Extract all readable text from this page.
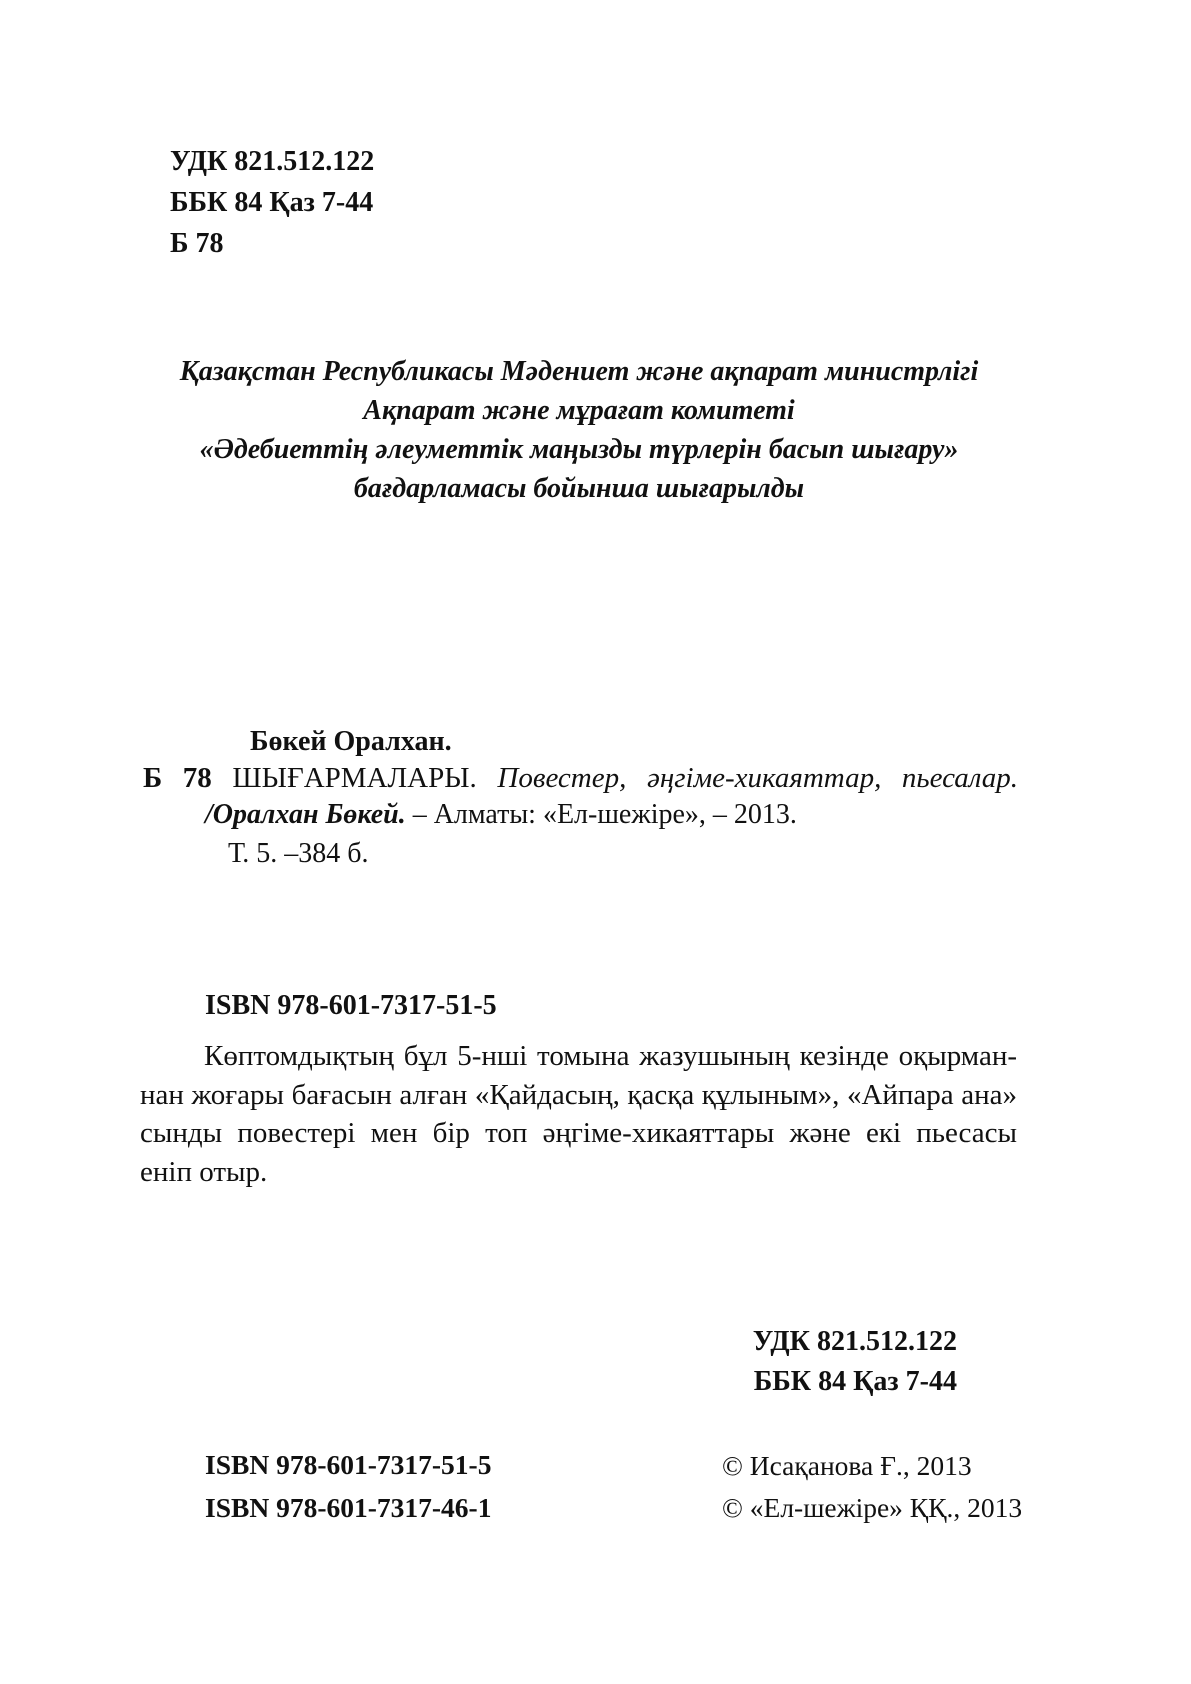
УДК 821.512.122
ББК 84 Қаз 7-44
Б 78
Қазақстан Республикасы Мәдениет және ақпарат министрлігі
Ақпарат және мұрағат комитеті
«Әдебиеттің әлеуметтік маңызды түрлерін басып шығару»
бағдарламасы бойынша шығарылды
Бөкей Оралхан.
Б 78 ШЫҒАРМАЛАРЫ. Повестер, әңгіме-хикаяттар, пьесалар.
/Оралхан Бөкей. – Алматы: «Ел-шежіре», – 2013.
Т. 5. –384 б.
ISBN 978-601-7317-51-5
Көптомдықтың бұл 5-нші томына жазушының кезінде оқырман-
нан жоғары бағасын алған «Қайдасың, қасқа құлыным», «Айпара ана»
сынды повестері мен бір топ әңгіме-хикаяттары және екі пьесасы
еніп отыр.
УДК 821.512.122
ББК 84 Қаз 7-44
ISBN 978-601-7317-51-5
ISBN 978-601-7317-46-1
© Исақанова Ғ., 2013
© «Ел-шежіре» ҚҚ., 2013
